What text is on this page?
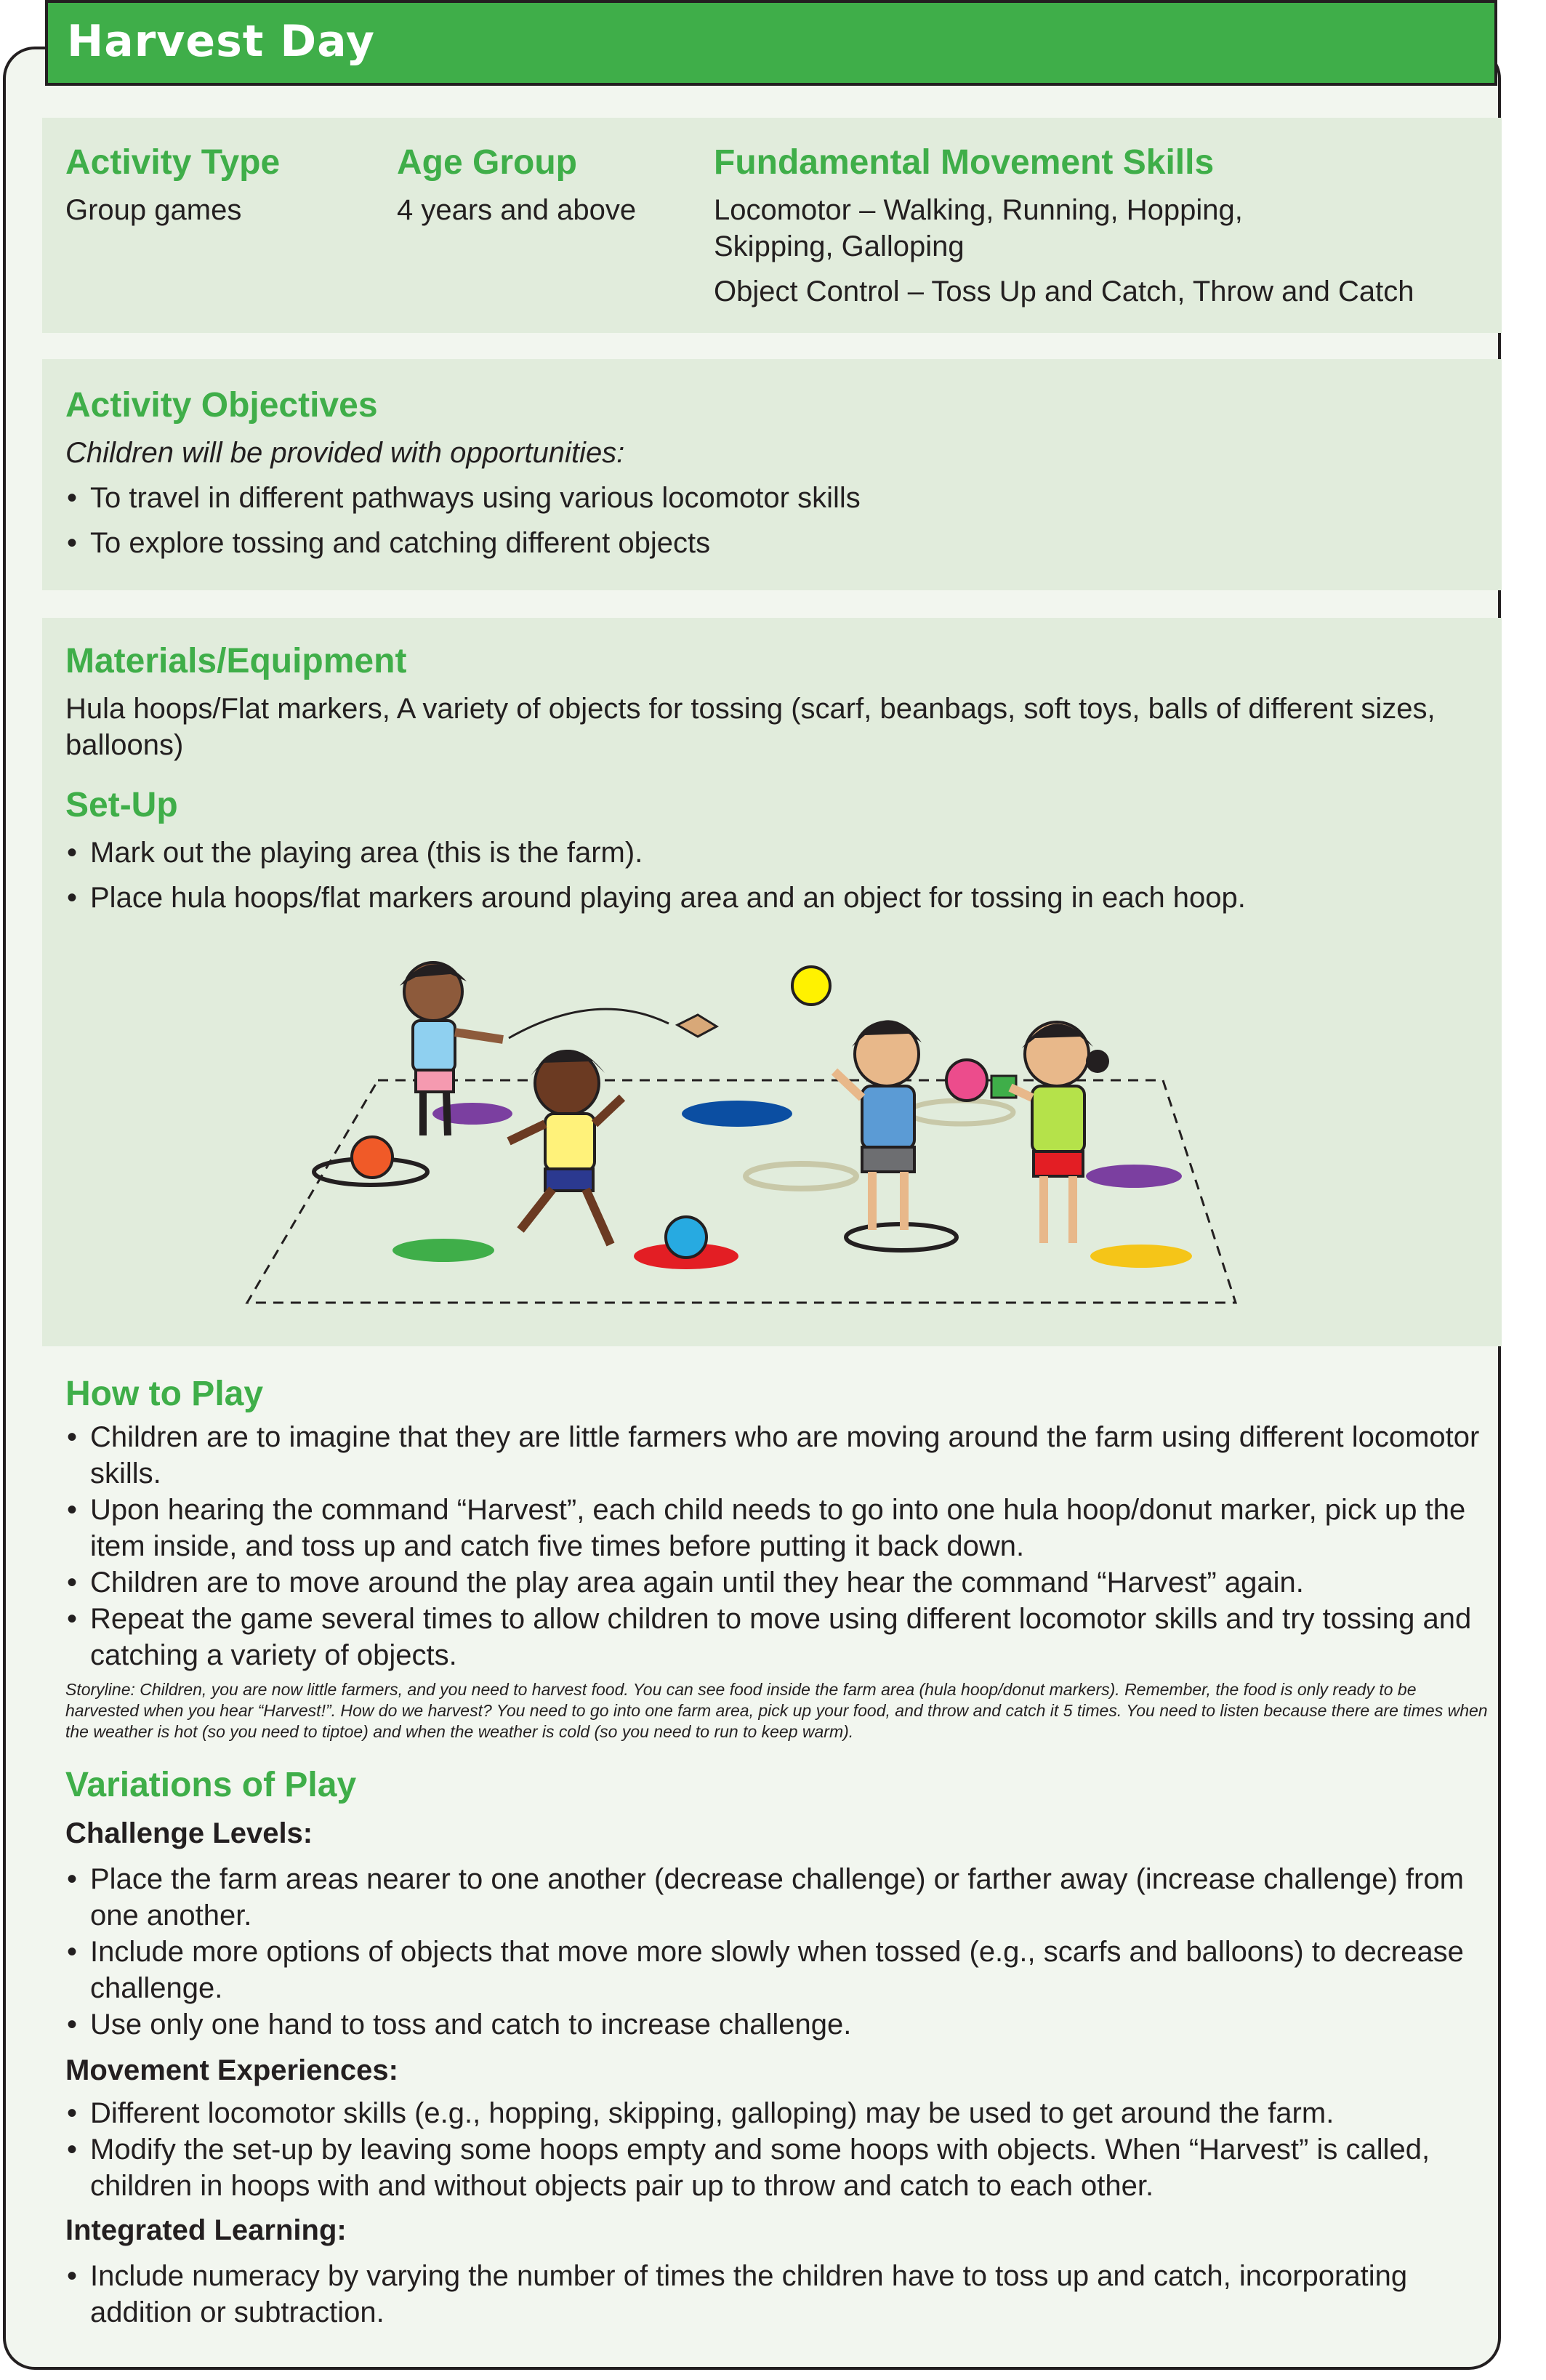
Harvest Day

Activity Type

Group games

Age Group

4 years and above

Fundamental Movement Skills

Locomotor – Walking, Running, Hopping, Skipping, Galloping

Object Control – Toss Up and Catch, Throw and Catch

Activity Objectives

Children will be provided with opportunities:

• To travel in different pathways using various locomotor skills
• To explore tossing and catching different objects

Materials/Equipment

Hula hoops/Flat markers, A variety of objects for tossing (scarf, beanbags, soft toys, balls of different sizes, balloons)

Set-Up

• Mark out the playing area (this is the farm).
• Place hula hoops/flat markers around playing area and an object for tossing in each hoop.

How to Play

• Children are to imagine that they are little farmers who are moving around the farm using different locomotor skills.
• Upon hearing the command “Harvest”, each child needs to go into one hula hoop/donut marker, pick up the item inside, and toss up and catch five times before putting it back down.
• Children are to move around the play area again until they hear the command “Harvest” again.
• Repeat the game several times to allow children to move using different locomotor skills and try tossing and catching a variety of objects.

Storyline: Children, you are now little farmers, and you need to harvest food. You can see food inside the farm area (hula hoop/donut markers). Remember, the food is only ready to be harvested when you hear “Harvest!”. How do we harvest? You need to go into one farm area, pick up your food, and throw and catch it 5 times. You need to listen because there are times when the weather is hot (so you need to tiptoe) and when the weather is cold (so you need to run to keep warm).

Variations of Play

Challenge Levels:

• Place the farm areas nearer to one another (decrease challenge) or farther away (increase challenge) from one another.
• Include more options of objects that move more slowly when tossed (e.g., scarfs and balloons) to decrease challenge.
• Use only one hand to toss and catch to increase challenge.

Movement Experiences:

• Different locomotor skills (e.g., hopping, skipping, galloping) may be used to get around the farm.
• Modify the set-up by leaving some hoops empty and some hoops with objects. When “Harvest” is called, children in hoops with and without objects pair up to throw and catch to each other.

Integrated Learning:

• Include numeracy by varying the number of times the children have to toss up and catch, incorporating addition or subtraction.
